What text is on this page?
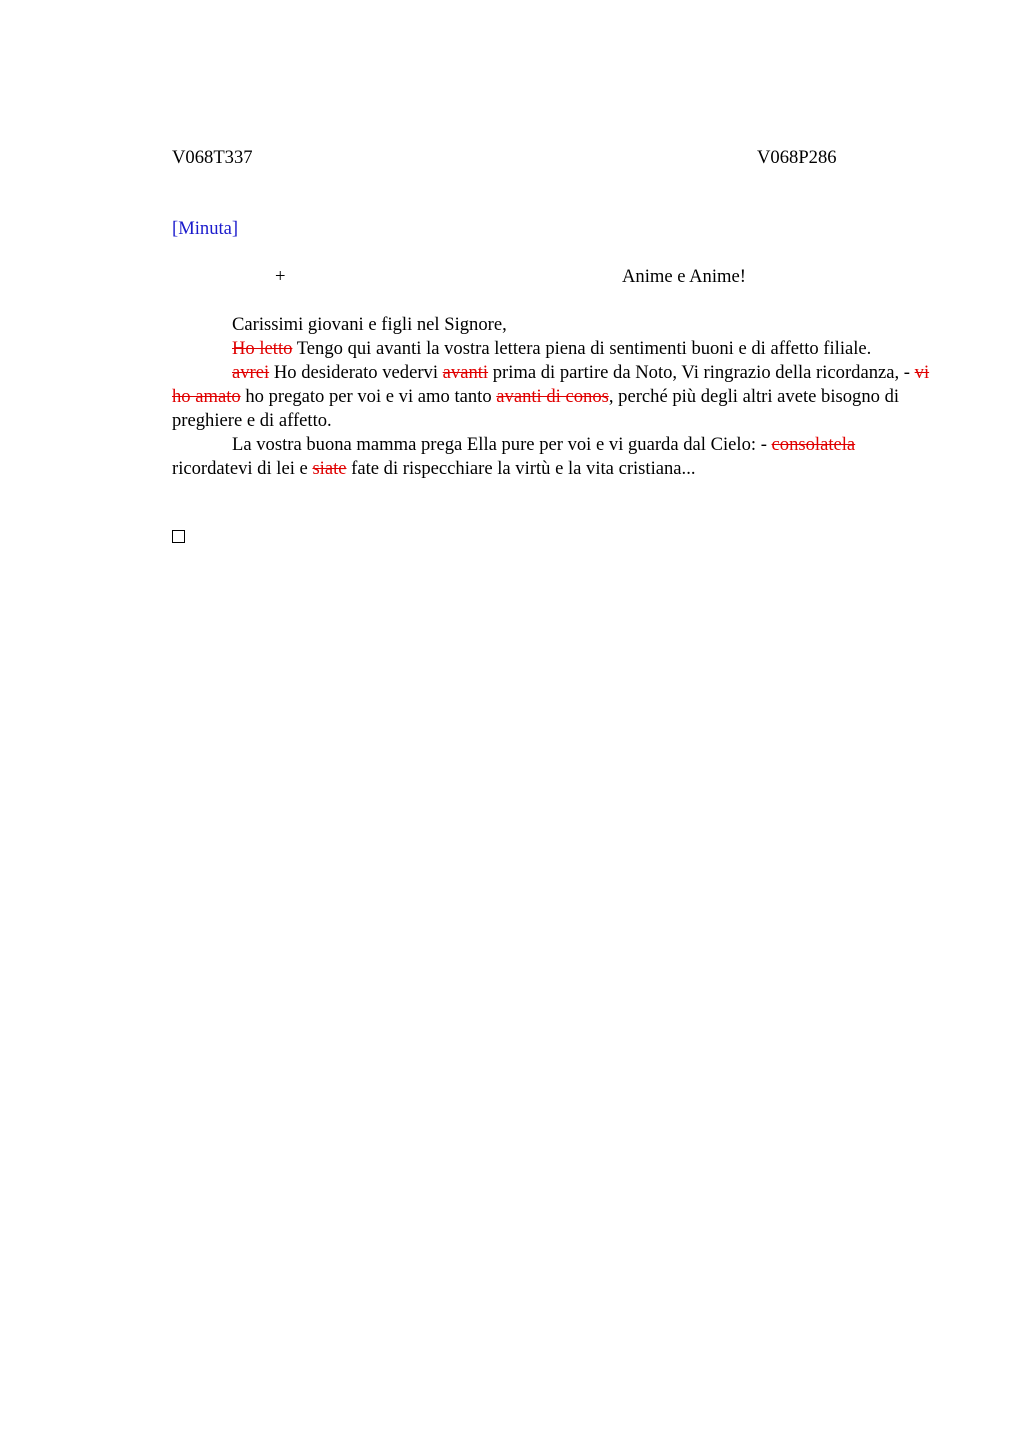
V068T337	V068P286
[Minuta]
+	Anime e Anime!

Carissimi giovani e figli nel Signore,

Ho letto Tengo qui avanti la vostra lettera piena di sentimenti buoni e di affetto filiale.

avrei Ho desiderato vedervi avanti prima di partire da Noto, Vi ringrazio della ricordanza, - vi ho amato ho pregato per voi e vi amo tanto avanti di conos, perché più degli altri avete bisogno di preghiere e di affetto.

La vostra buona mamma prega Ella pure per voi e vi guarda dal Cielo: - consolatela ricordatevi di lei e siate fate di rispecchiare la virtù e la vita cristiana...
